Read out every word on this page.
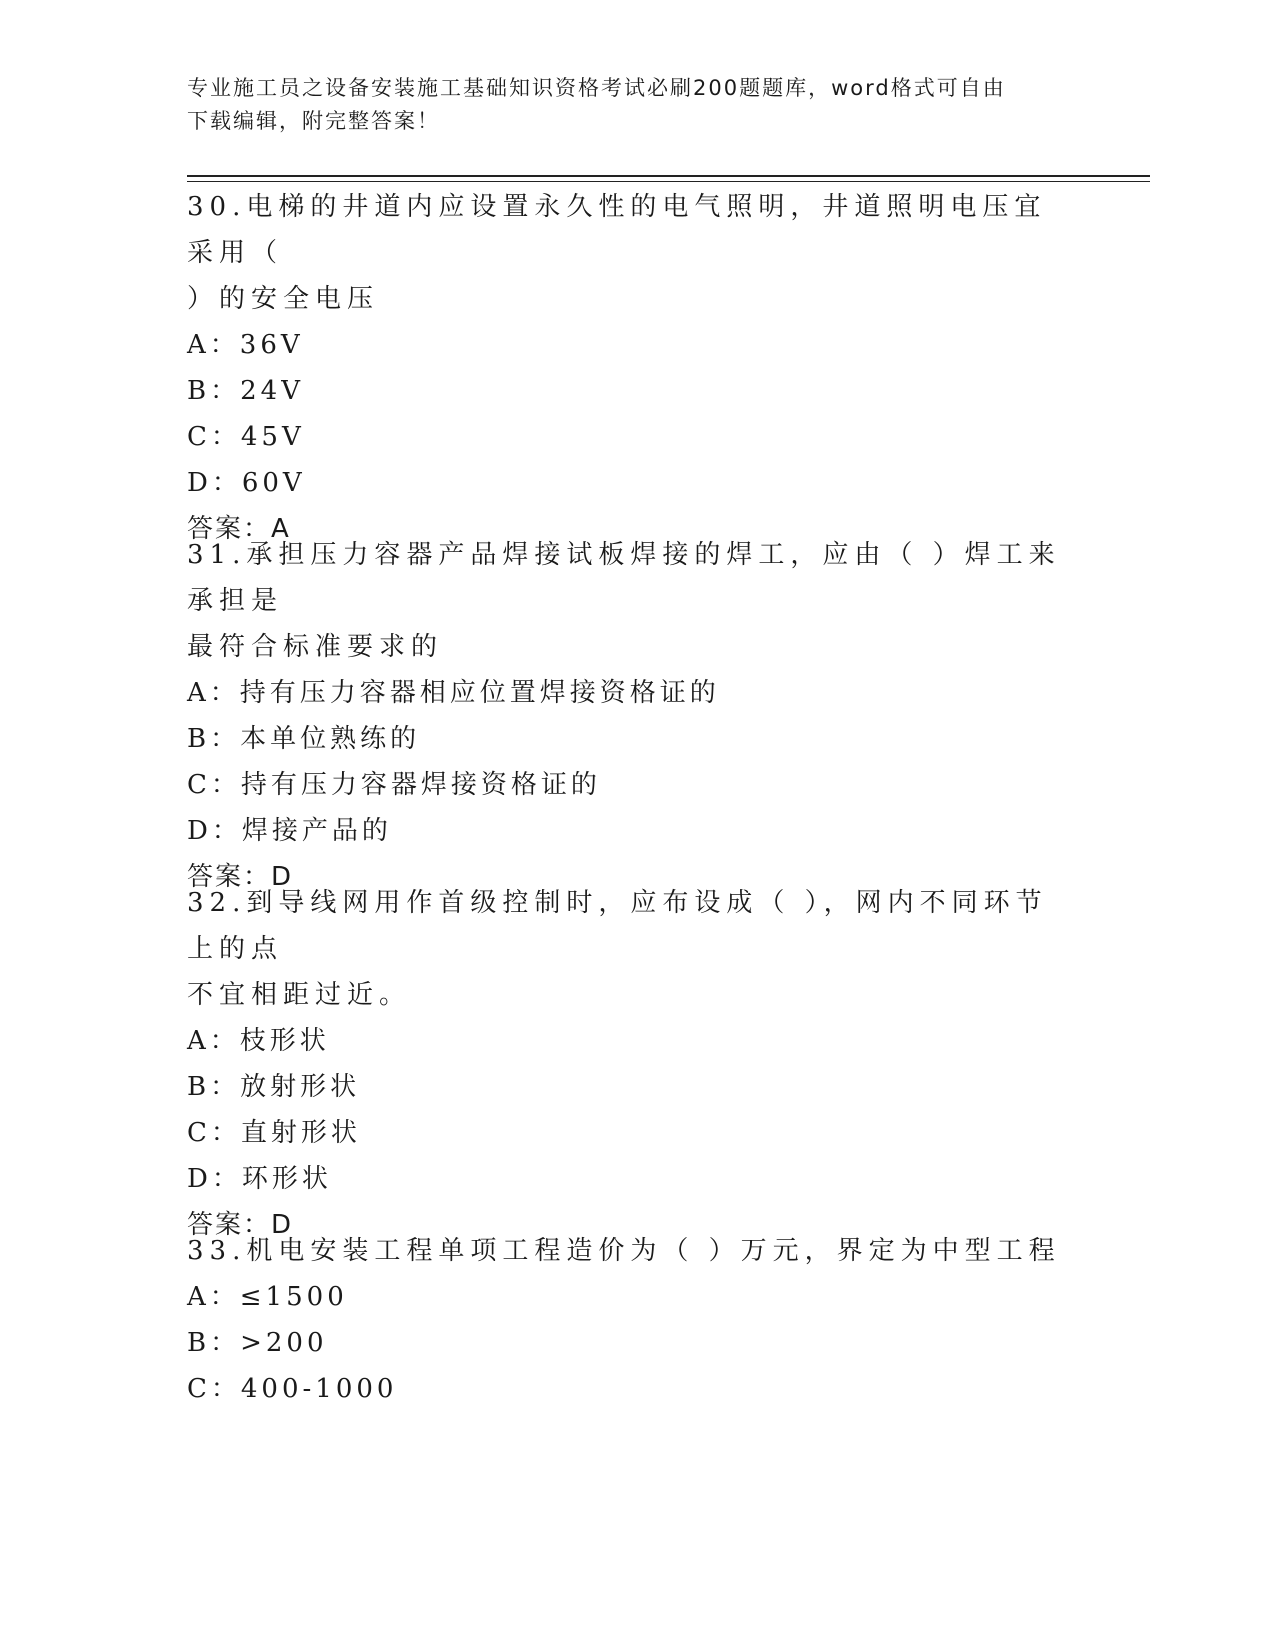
专业施工员之设备安装施工基础知识资格考试必刷200题题库，word格式可自由
下载编辑，附完整答案！
30.电梯的井道内应设置永久性的电气照明，井道照明电压宜采用（
）的安全电压
A：36V
B：24V
C：45V
D：60V
答案：A
31.承担压力容器产品焊接试板焊接的焊工，应由（ ）焊工来承担是
最符合标准要求的
A：持有压力容器相应位置焊接资格证的
B：本单位熟练的
C：持有压力容器焊接资格证的
D：焊接产品的
答案：D
32.到导线网用作首级控制时，应布设成（ ），网内不同环节上的点
不宜相距过近。
A：枝形状
B：放射形状
C：直射形状
D：环形状
答案：D
33.机电安装工程单项工程造价为（ ）万元，界定为中型工程
A：≤1500
B：>200
C：400-1000
